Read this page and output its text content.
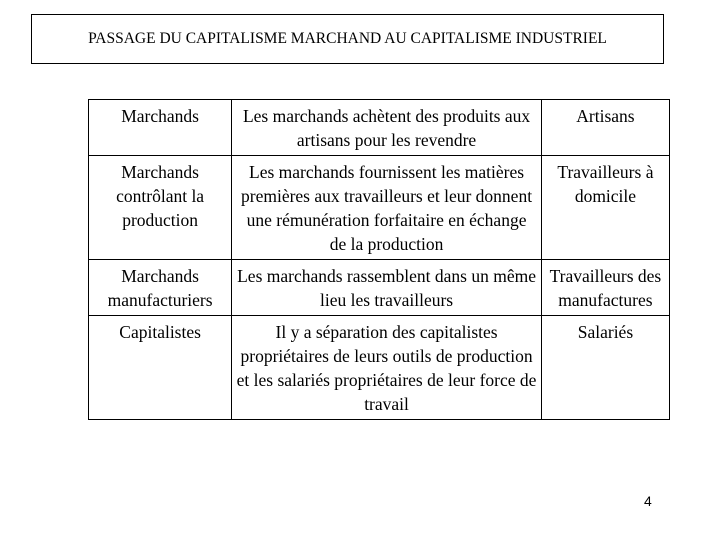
PASSAGE DU CAPITALISME MARCHAND AU CAPITALISME INDUSTRIEL
Marchands	Les marchands achètent des produits aux artisans pour les revendre	Artisans
Marchands contrôlant la production	Les marchands fournissent les matières premières aux travailleurs et leur donnent une rémunération forfaitaire en échange de la production	Travailleurs à domicile
Marchands manufacturiers	Les marchands rassemblent dans un même lieu les travailleurs	Travailleurs des manufactures
Capitalistes	Il y a séparation des capitalistes propriétaires de leurs outils de production et les salariés propriétaires de leur force de travail	Salariés
4
